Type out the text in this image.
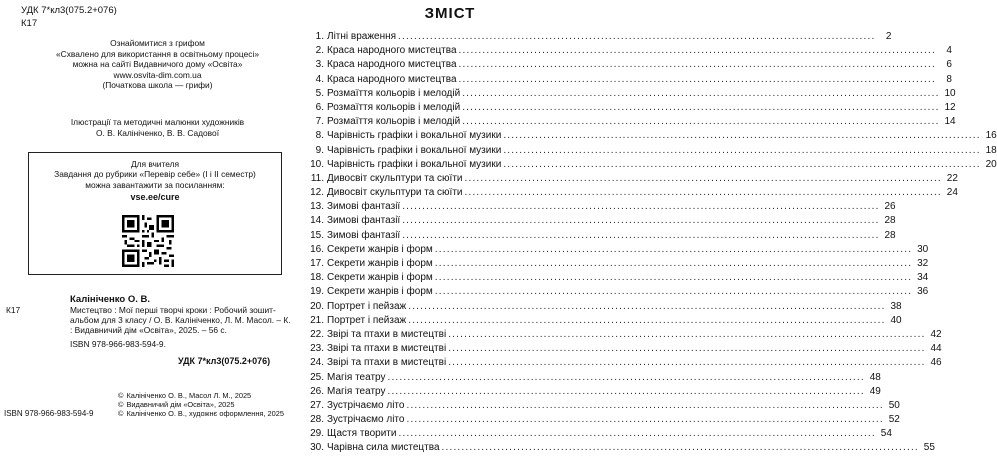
УДК 7*кл3(075.2+076)
К17
Ознайомитися з грифом
«Схвалено для використання в освітньому процесі»
можна на сайті Видавничого дому «Освіта»
www.osvita-dim.com.ua
(Початкова школа — грифи)
Ілюстрації та методичні малюнки художників
О. В. Калініченко, В. В. Садової
Для вчителя
Завдання до рубрики «Перевір себе» (І і ІІ семестр)
можна завантажити за посиланням:
vse.ee/cure
Калініченко О. В.
К17	Мистецтво : Мої перші творчі кроки : Робочий зошит-альбом для 3 класу / О. В. Калініченко, Л. М. Масол. – К. : Видавничий дім «Освіта», 2025. – 56 с.
ISBN 978-966-983-594-9.
УДК 7*кл3(075.2+076)
© Калініченко О. В., Масол Л. М., 2025
© Видавничий дім «Освіта», 2025
© Калініченко О. В., художнє оформлення, 2025
ISBN 978-966-983-594-9
ЗМІСТ
1. Літні враження .....	2
2. Краса народного мистецтва .....	4
3. Краса народного мистецтва .....	6
4. Краса народного мистецтва .....	8
5. Розмаїття кольорів і мелодій .....	10
6. Розмаїття кольорів і мелодій .....	12
7. Розмаїття кольорів і мелодій .....	14
8. Чарівність графіки і вокальної музики .....	16
9. Чарівність графіки і вокальної музики .....	18
10. Чарівність графіки і вокальної музики .....	20
11. Дивосвіт скульптури та сюїти .....	22
12. Дивосвіт скульптури та сюїти .....	24
13. Зимові фантазії .....	26
14. Зимові фантазії .....	28
15. Зимові фантазії .....	28
16. Секрети жанрів і форм .....	30
17. Секрети жанрів і форм .....	32
18. Секрети жанрів і форм .....	34
19. Секрети жанрів і форм .....	36
20. Портрет і пейзаж .....	38
21. Портрет і пейзаж .....	40
22. Звірі та птахи в мистецтві .....	42
23. Звірі та птахи в мистецтві .....	44
24. Звірі та птахи в мистецтві .....	46
25. Магія театру .....	48
26. Магія театру .....	49
27. Зустрічаємо літо .....	50
28. Зустрічаємо літо .....	52
29. Щастя творити .....	54
30. Чарівна сила мистецтва .....	55
